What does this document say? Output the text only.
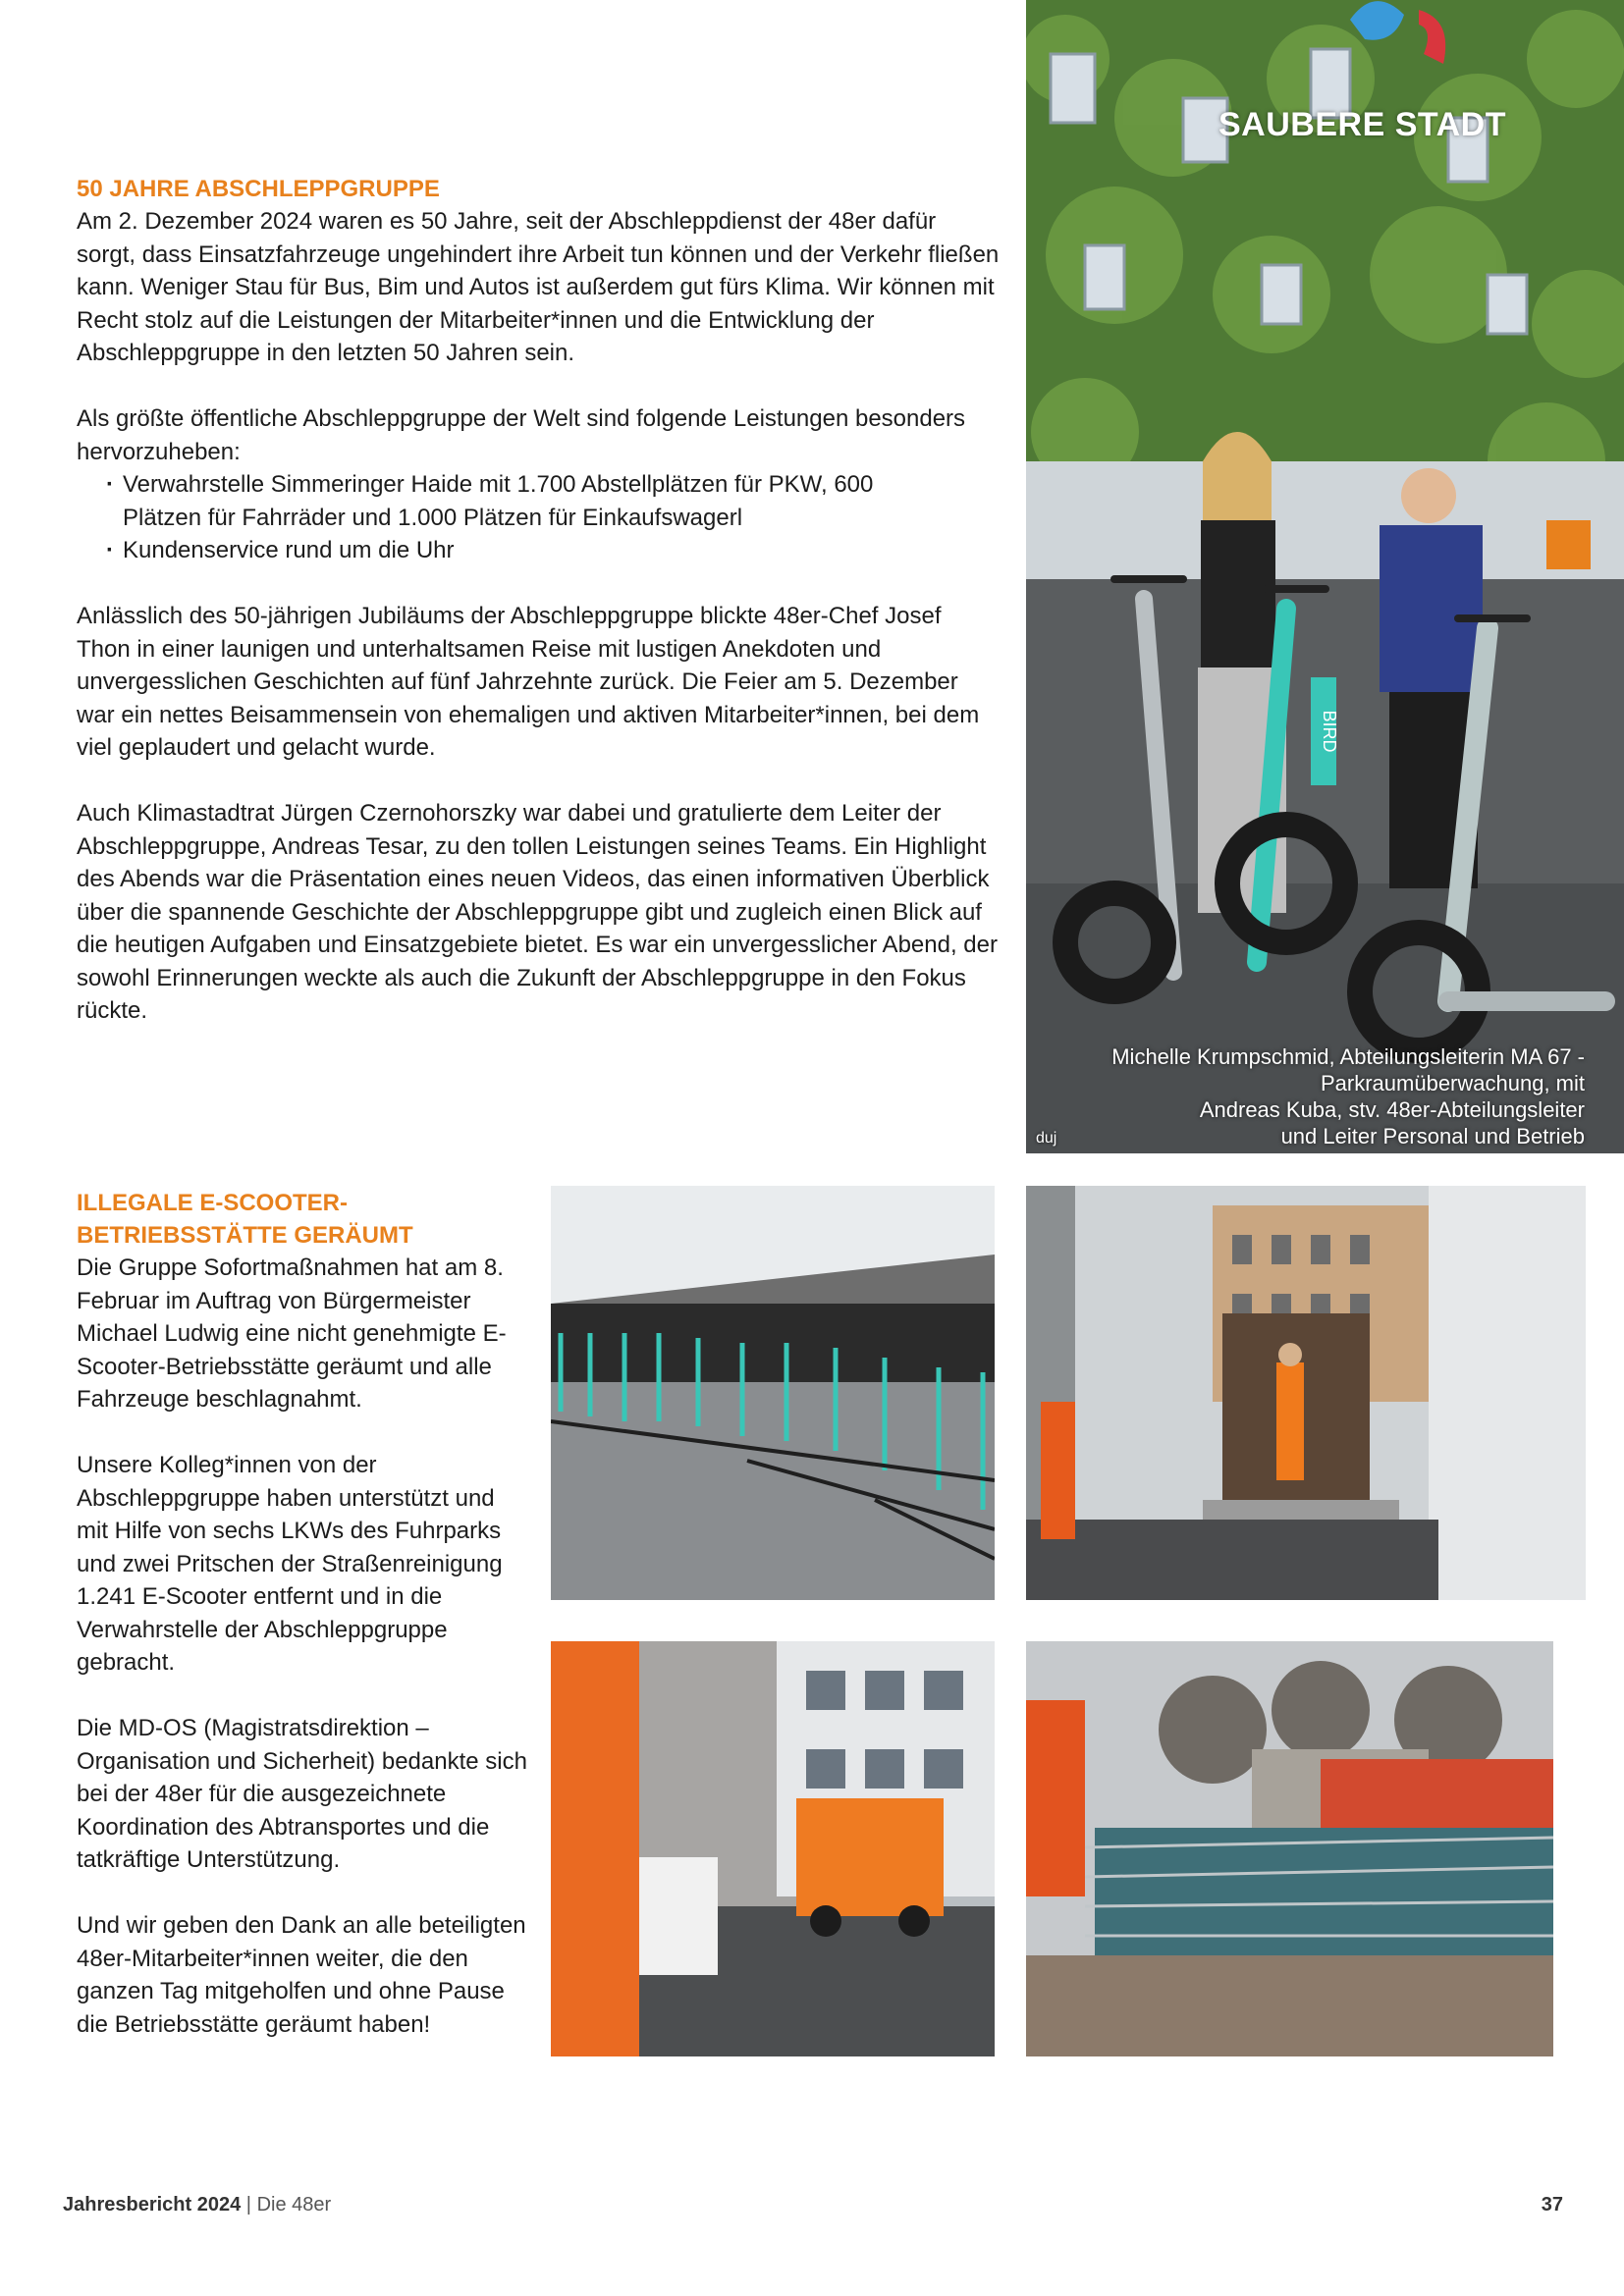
50 JAHRE ABSCHLEPPGRUPPE

Am 2. Dezember 2024 waren es 50 Jahre, seit der Abschleppdienst der 48er dafür sorgt, dass Einsatzfahrzeuge ungehindert ihre Arbeit tun können und der Verkehr fließen kann. Weniger Stau für Bus, Bim und Autos ist außerdem gut fürs Klima. Wir können mit Recht stolz auf die Leistungen der Mitarbeiter*innen und die Entwicklung der Abschleppgruppe in den letzten 50 Jahren sein.

Als größte öffentliche Abschleppgruppe der Welt sind folgende Leistungen besonders hervorzuheben:

· Verwahrstelle Simmeringer Haide mit 1.700 Abstellplätzen für PKW, 600 Plätzen für Fahrräder und 1.000 Plätzen für Einkaufswagerl
· Kundenservice rund um die Uhr

Anlässlich des 50-jährigen Jubiläums der Abschleppgruppe blickte 48er-Chef Josef Thon in einer launigen und unterhaltsamen Reise mit lustigen Anekdoten und unvergesslichen Geschichten auf fünf Jahrzehnte zurück. Die Feier am 5. Dezember war ein nettes Beisammensein von ehemaligen und aktiven Mitarbeiter*innen, bei dem viel geplaudert und gelacht wurde.

Auch Klimastadtrat Jürgen Czernohorszky war dabei und gratulierte dem Leiter der Abschleppgruppe, Andreas Tesar, zu den tollen Leistungen seines Teams. Ein Highlight des Abends war die Präsentation eines neuen Videos, das einen informativen Überblick über die spannende Geschichte der Abschleppgruppe gibt und zugleich einen Blick auf die heutigen Aufgaben und Einsatzgebiete bietet. Es war ein unvergesslicher Abend, der sowohl Erinnerungen weckte als auch die Zukunft der Abschleppgruppe in den Fokus rückte.

BIRD
SAUBERE STADT
Michelle Krumpschmid, Abteilungsleiterin MA 67 -
Parkraumüberwachung, mit
Andreas Kuba, stv. 48er-Abteilungsleiter
und Leiter Personal und Betrieb
duj
ILLEGALE E-SCOOTER-BETRIEBSSTÄTTE GERÄUMT

Die Gruppe Sofortmaßnahmen hat am 8. Februar im Auftrag von Bürgermeister Michael Ludwig eine nicht genehmigte E-Scooter-Betriebsstätte geräumt und alle Fahrzeuge beschlagnahmt.

Unsere Kolleg*innen von der Abschleppgruppe haben unterstützt und mit Hilfe von sechs LKWs des Fuhrparks und zwei Pritschen der Straßenreinigung 1.241 E-Scooter entfernt und in die Verwahrstelle der Abschleppgruppe gebracht.

Die MD-OS (Magistratsdirektion – Organisation und Sicherheit) bedankte sich bei der 48er für die ausgezeichnete Koordination des Abtransportes und die tatkräftige Unterstützung.

Und wir geben den Dank an alle beteiligten 48er-Mitarbeiter*innen weiter, die den ganzen Tag mitgeholfen und ohne Pause die Betriebsstätte geräumt haben!

Jahresbericht 2024 | Die 48er	37
